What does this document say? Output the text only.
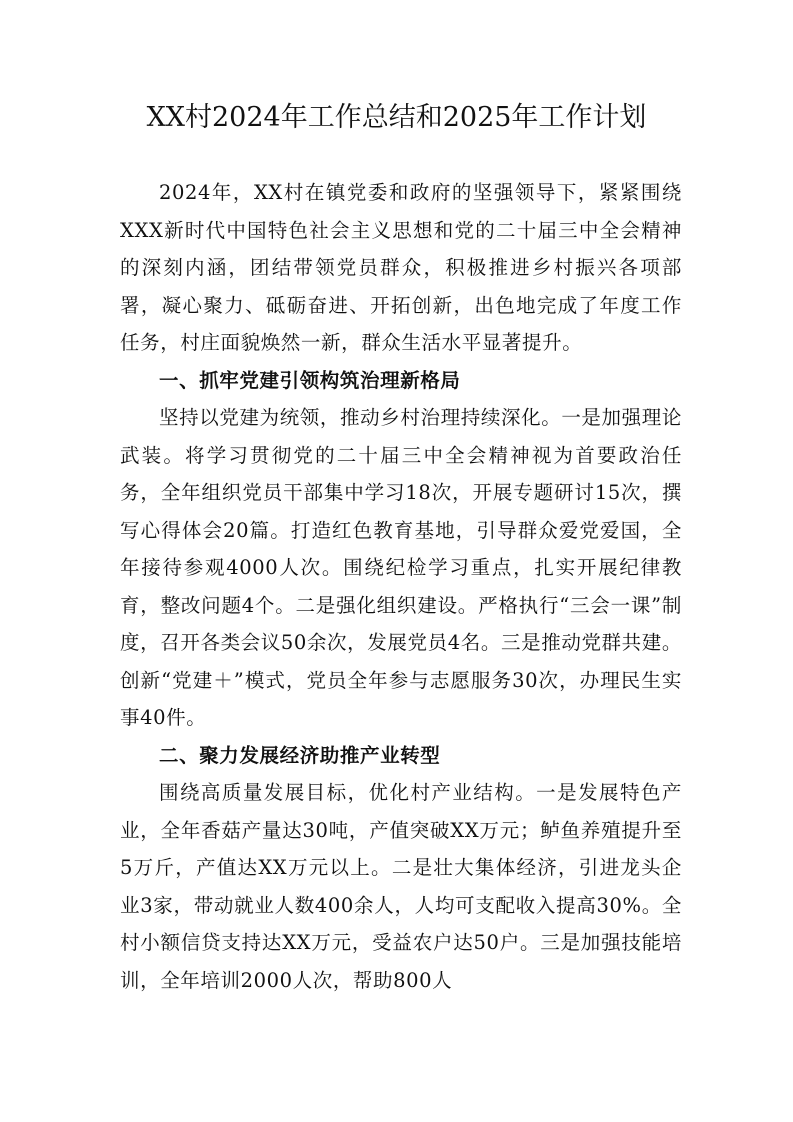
XX村2024年工作总结和2025年工作计划

2024年，XX村在镇党委和政府的坚强领导下，紧紧围绕XXX新时代中国特色社会主义思想和党的二十届三中全会精神的深刻内涵，团结带领党员群众，积极推进乡村振兴各项部署，凝心聚力、砥砺奋进、开拓创新，出色地完成了年度工作任务，村庄面貌焕然一新，群众生活水平显著提升。

一、抓牢党建引领构筑治理新格局

坚持以党建为统领，推动乡村治理持续深化。一是加强理论武装。将学习贯彻党的二十届三中全会精神视为首要政治任务，全年组织党员干部集中学习18次，开展专题研讨15次，撰写心得体会20篇。打造红色教育基地，引导群众爱党爱国，全年接待参观4000人次。围绕纪检学习重点，扎实开展纪律教育，整改问题4个。二是强化组织建设。严格执行“三会一课”制度，召开各类会议50余次，发展党员4名。三是推动党群共建。创新“党建＋”模式，党员全年参与志愿服务30次，办理民生实事40件。

二、聚力发展经济助推产业转型

围绕高质量发展目标，优化村产业结构。一是发展特色产业，全年香菇产量达30吨，产值突破XX万元；鲈鱼养殖提升至5万斤，产值达XX万元以上。二是壮大集体经济，引进龙头企业3家，带动就业人数400余人，人均可支配收入提高30%。全村小额信贷支持达XX万元，受益农户达50户。三是加强技能培训，全年培训2000人次，帮助800人
